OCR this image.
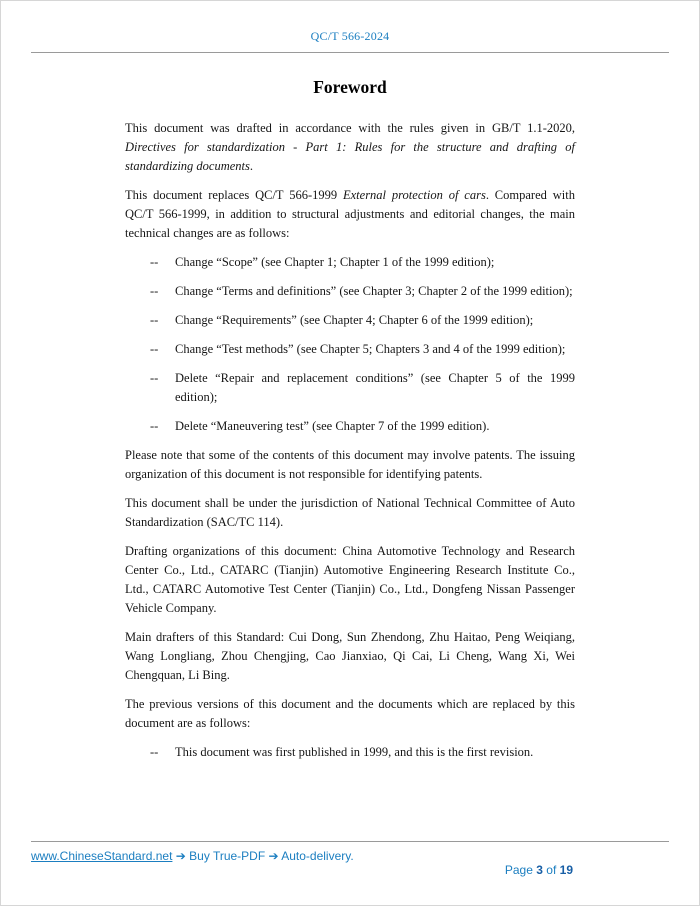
QC/T 566-2024
Foreword

This document was drafted in accordance with the rules given in GB/T 1.1-2020, Directives for standardization - Part 1: Rules for the structure and drafting of standardizing documents.

This document replaces QC/T 566-1999 External protection of cars. Compared with QC/T 566-1999, in addition to structural adjustments and editorial changes, the main technical changes are as follows:

--	Change “Scope” (see Chapter 1; Chapter 1 of the 1999 edition);
--	Change “Terms and definitions” (see Chapter 3; Chapter 2 of the 1999 edition);
--	Change “Requirements” (see Chapter 4; Chapter 6 of the 1999 edition);
--	Change “Test methods” (see Chapter 5; Chapters 3 and 4 of the 1999 edition);
--	Delete “Repair and replacement conditions” (see Chapter 5 of the 1999 edition);
--	Delete “Maneuvering test” (see Chapter 7 of the 1999 edition).

Please note that some of the contents of this document may involve patents. The issuing organization of this document is not responsible for identifying patents.

This document shall be under the jurisdiction of National Technical Committee of Auto Standardization (SAC/TC 114).

Drafting organizations of this document: China Automotive Technology and Research Center Co., Ltd., CATARC (Tianjin) Automotive Engineering Research Institute Co., Ltd., CATARC Automotive Test Center (Tianjin) Co., Ltd., Dongfeng Nissan Passenger Vehicle Company.

Main drafters of this Standard: Cui Dong, Sun Zhendong, Zhu Haitao, Peng Weiqiang, Wang Longliang, Zhou Chengjing, Cao Jianxiao, Qi Cai, Li Cheng, Wang Xi, Wei Chengquan, Li Bing.

The previous versions of this document and the documents which are replaced by this document are as follows:

--	This document was first published in 1999, and this is the first revision.
www.ChineseStandard.net ➔ Buy True-PDF ➔ Auto-delivery.

Page 3 of 19
